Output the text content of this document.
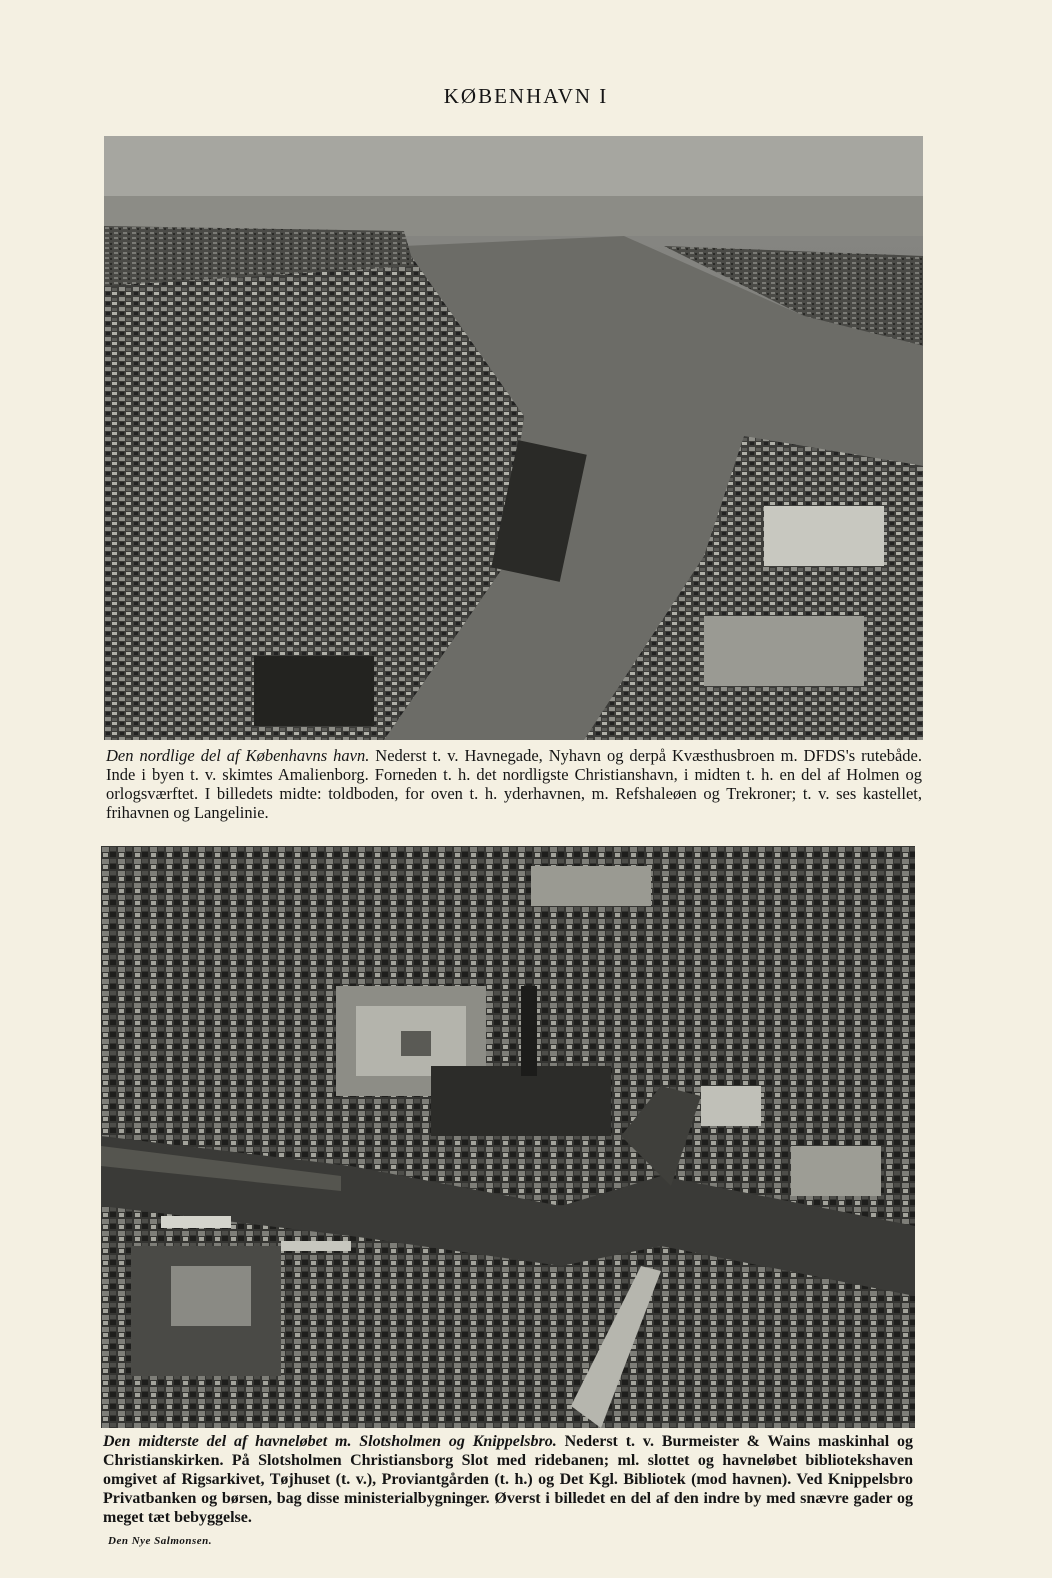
KØBENHAVN I
Den nordlige del af Københavns havn. Nederst t. v. Havnegade, Nyhavn og derpå Kvæsthusbroen m. DFDS's rutebåde. Inde i byen t. v. skimtes Amalienborg. Forneden t. h. det nordligste Christianshavn, i midten t. h. en del af Holmen og orlogsværftet. I billedets midte: toldboden, for oven t. h. yderhavnen, m. Refshaleøen og Trekroner; t. v. ses kastellet, frihavnen og Langelinie.
Den midterste del af havneløbet m. Slotsholmen og Knippelsbro. Nederst t. v. Burmeister & Wains maskinhal og Christianskirken. På Slotsholmen Christiansborg Slot med ridebanen; ml. slottet og havneløbet bibliotekshaven omgivet af Rigsarkivet, Tøjhuset (t. v.), Proviantgården (t. h.) og Det Kgl. Bibliotek (mod havnen). Ved Knippelsbro Privatbanken og børsen, bag disse ministerialbygninger. Øverst i billedet en del af den indre by med snævre gader og meget tæt bebyggelse.
Den Nye Salmonsen.
